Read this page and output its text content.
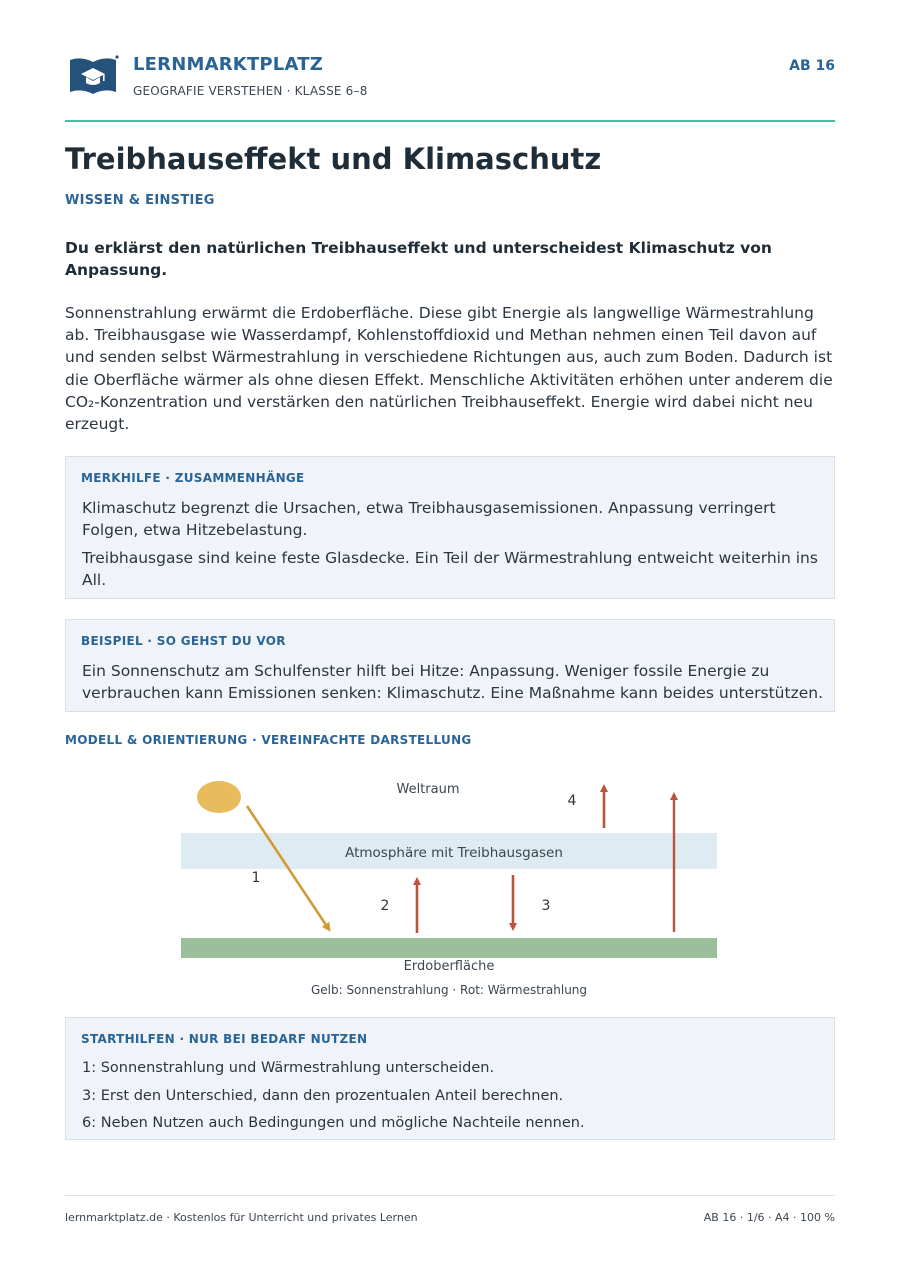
LERNMARKTPLATZ
GEOGRAFIE VERSTEHEN · KLASSE 6–8
AB 16
Treibhauseffekt und Klimaschutz
WISSEN & EINSTIEG

Du erklärst den natürlichen Treibhauseffekt und unterscheidest Klimaschutz von Anpassung.

Sonnenstrahlung erwärmt die Erdoberfläche. Diese gibt Energie als langwellige Wärmestrahlung ab. Treibhausgase wie Wasserdampf, Kohlenstoffdioxid und Methan nehmen einen Teil davon auf und senden selbst Wärmestrahlung in verschiedene Richtungen aus, auch zum Boden. Dadurch ist die Oberfläche wärmer als ohne diesen Effekt. Menschliche Aktivitäten erhöhen unter anderem die CO₂-Konzentration und verstärken den natürlichen Treibhauseffekt. Energie wird dabei nicht neu erzeugt.

MERKHILFE · ZUSAMMENHÄNGE

Klimaschutz begrenzt die Ursachen, etwa Treibhausgasemissionen. Anpassung verringert Folgen, etwa Hitzebelastung.

Treibhausgase sind keine feste Glasdecke. Ein Teil der Wärmestrahlung entweicht weiterhin ins All.

BEISPIEL · SO GEHST DU VOR

Ein Sonnenschutz am Schulfenster hilft bei Hitze: Anpassung. Weniger fossile Energie zu verbrauchen kann Emissionen senken: Klimaschutz. Eine Maßnahme kann beides unterstützen.

MODELL & ORIENTIERUNG · VEREINFACHTE DARSTELLUNG
Weltraum
Atmosphäre mit Treibhausgasen
Erdoberfläche
Gelb: Sonnenstrahlung · Rot: Wärmestrahlung
1
2	3
4
STARTHILFEN · NUR BEI BEDARF NUTZEN
1: Sonnenstrahlung und Wärmestrahlung unterscheiden.
3: Erst den Unterschied, dann den prozentualen Anteil berechnen.
6: Neben Nutzen auch Bedingungen und mögliche Nachteile nennen.
lernmarktplatz.de · Kostenlos für Unterricht und privates Lernen	AB 16 · 1/6 · A4 · 100 %
